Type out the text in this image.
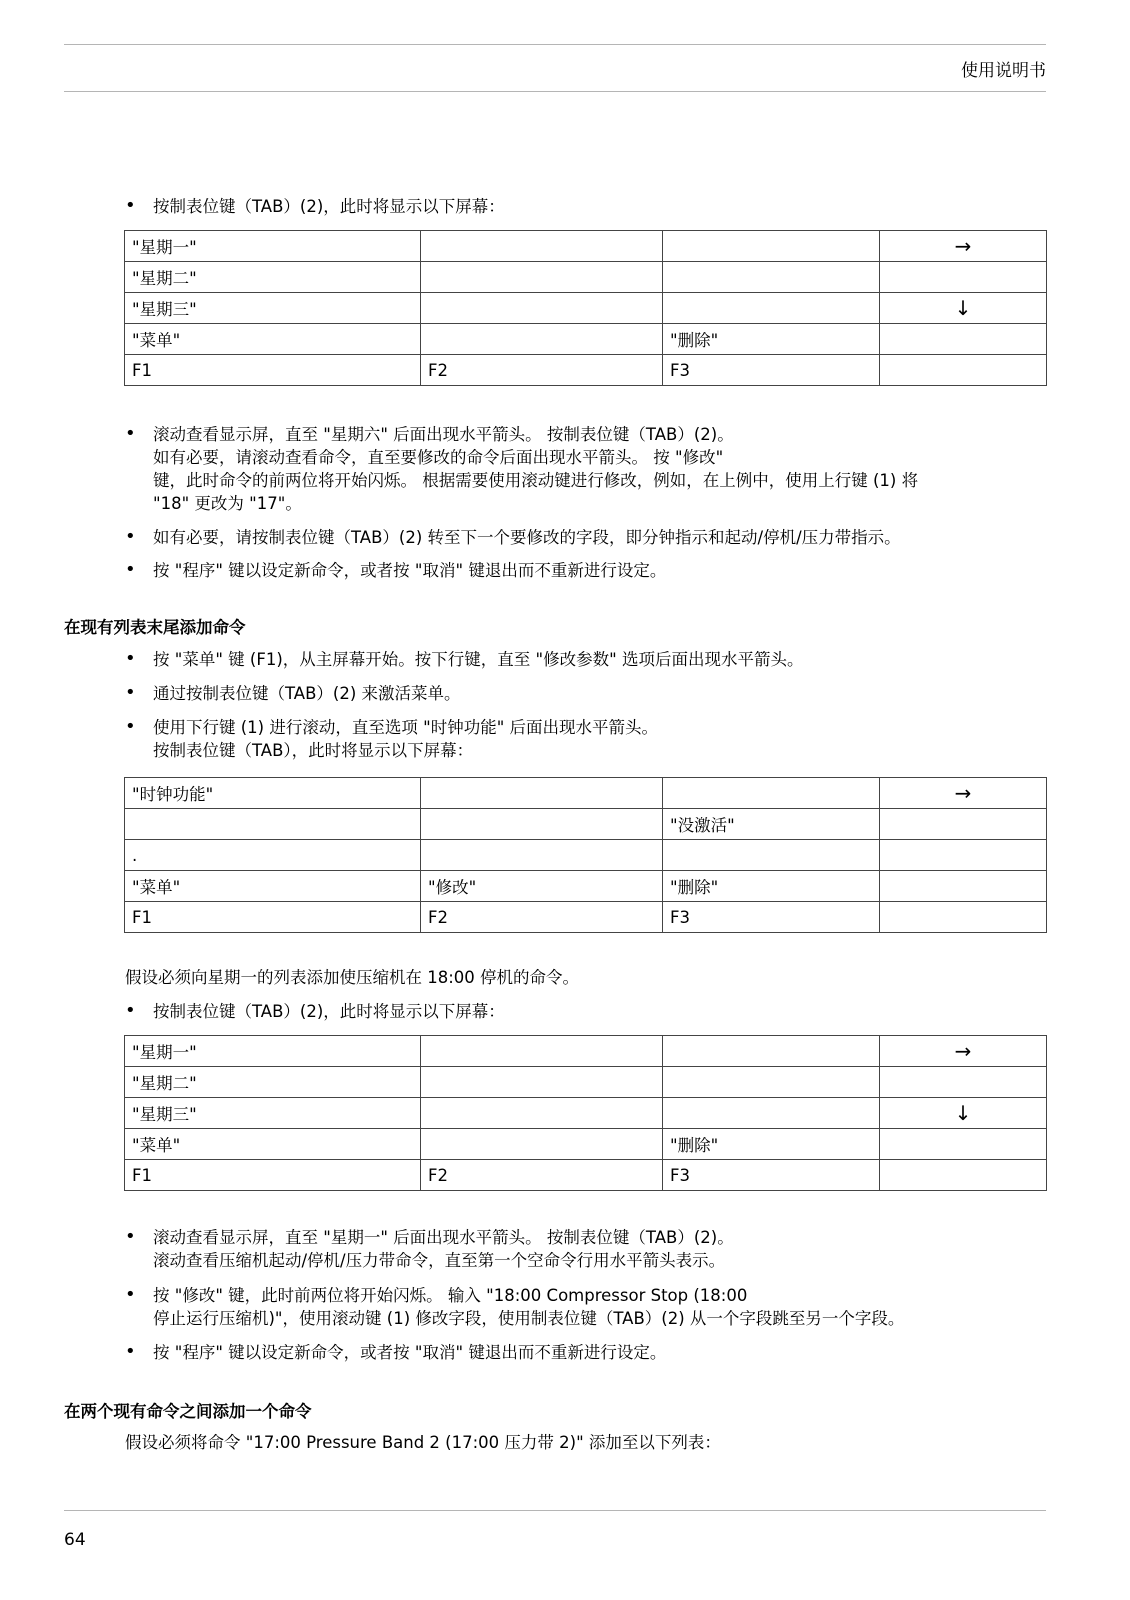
使用说明书
• 按制表位键（TAB）(2)，此时将显示以下屏幕：
"星期一"			→
"星期二"			
"星期三"			↓
"菜单"		"删除"	
F1	F2	F3	
• 滚动查看显示屏，直至 "星期六" 后面出现水平箭头。 按制表位键（TAB）(2)。
如有必要，请滚动查看命令，直至要修改的命令后面出现水平箭头。 按 "修改"
键，此时命令的前两位将开始闪烁。 根据需要使用滚动键进行修改，例如，在上例中，使用上行键 (1) 将
"18" 更改为 "17"。
• 如有必要，请按制表位键（TAB）(2) 转至下一个要修改的字段，即分钟指示和起动/停机/压力带指示。
• 按 "程序" 键以设定新命令，或者按 "取消" 键退出而不重新进行设定。
在现有列表末尾添加命令
• 按 "菜单" 键 (F1)，从主屏幕开始。按下行键，直至 "修改参数" 选项后面出现水平箭头。
• 通过按制表位键（TAB）(2) 来激活菜单。
• 使用下行键 (1) 进行滚动，直至选项 "时钟功能" 后面出现水平箭头。
按制表位键（TAB），此时将显示以下屏幕：
"时钟功能"			→
		"没激活"	
.			
"菜单"	"修改"	"删除"	
F1	F2	F3	
假设必须向星期一的列表添加使压缩机在 18:00 停机的命令。
• 按制表位键（TAB）(2)，此时将显示以下屏幕：
"星期一"			→
"星期二"			
"星期三"			↓
"菜单"		"删除"	
F1	F2	F3	
• 滚动查看显示屏，直至 "星期一" 后面出现水平箭头。 按制表位键（TAB）(2)。
滚动查看压缩机起动/停机/压力带命令，直至第一个空命令行用水平箭头表示。
• 按 "修改" 键，此时前两位将开始闪烁。 输入 "18:00 Compressor Stop (18:00
停止运行压缩机)"，使用滚动键 (1) 修改字段，使用制表位键（TAB）(2) 从一个字段跳至另一个字段。
• 按 "程序" 键以设定新命令，或者按 "取消" 键退出而不重新进行设定。
在两个现有命令之间添加一个命令
假设必须将命令 "17:00 Pressure Band 2 (17:00 压力带 2)" 添加至以下列表：
64
